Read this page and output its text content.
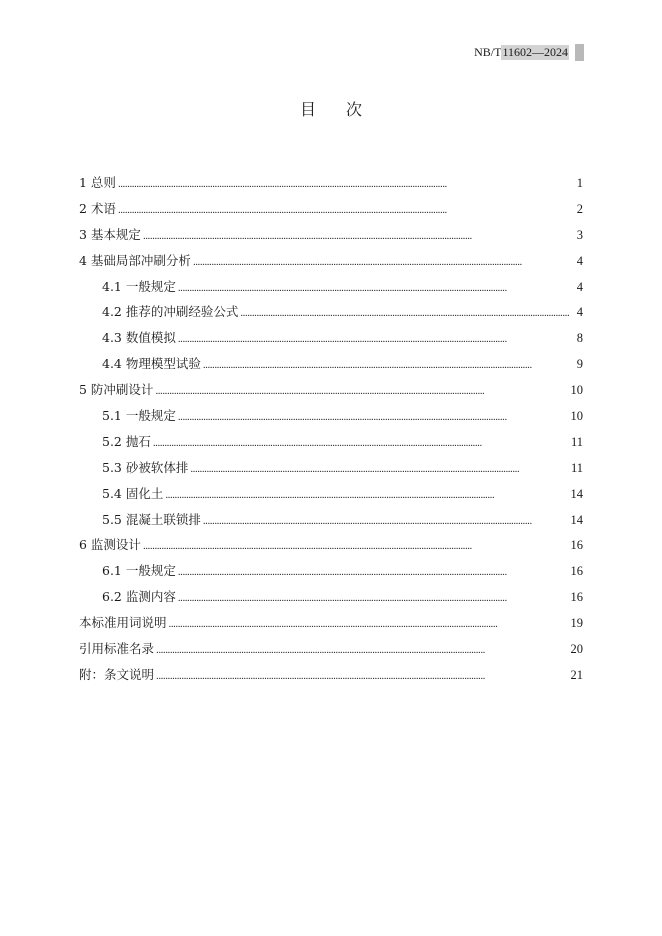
NB/T 11602—2024
目次
1 总则 . . .	1
2 术语 . . .	2
3 基本规定 . . .	3
4 基础局部冲刷分析 . . .	4
4.1 一般规定 . . .	4
4.2 推荐的冲刷经验公式 . . .	4
4.3 数值模拟 . . .	8
4.4 物理模型试验 . . .	9
5 防冲刷设计 . . .	10
5.1 一般规定 . . .	10
5.2 抛石 . . .	11
5.3 砂被软体排 . . .	11
5.4 固化土 . . .	14
5.5 混凝土联锁排 . . .	14
6 监测设计 . . .	16
6.1 一般规定 . . .	16
6.2 监测内容 . . .	16
本标准用词说明 . . .	19
引用标准名录 . . .	20
附：条文说明 . . .	21
